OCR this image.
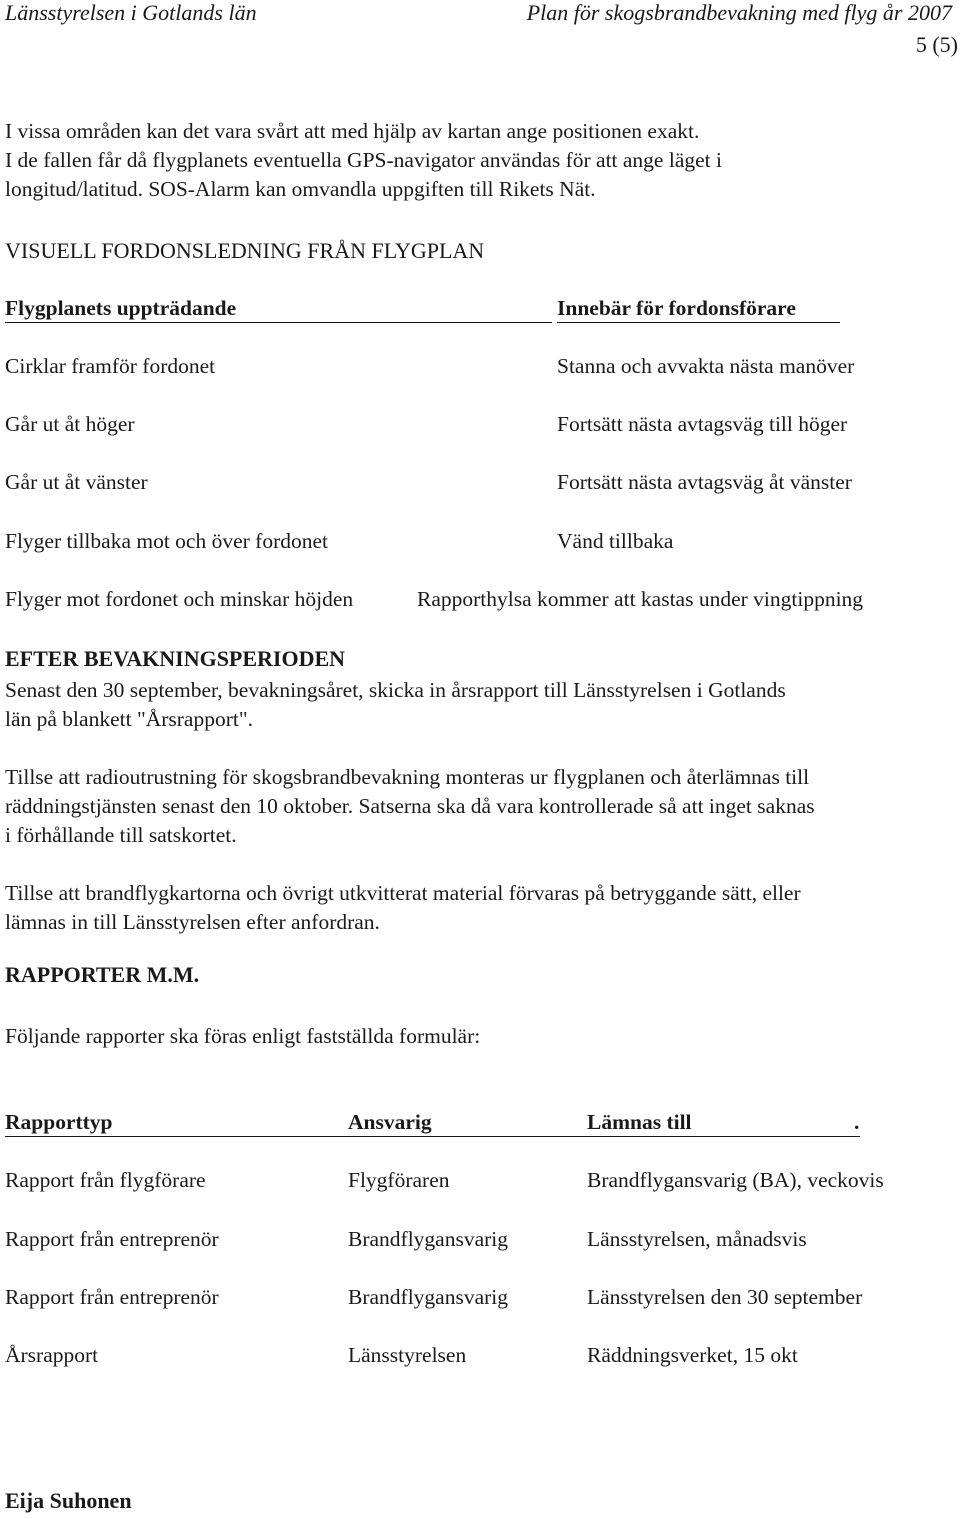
Länsstyrelsen i Gotlands län	Plan för skogsbrandbevakning med flyg år 2007
5 (5)
I vissa områden kan det vara svårt att med hjälp av kartan ange positionen exakt.
I de fallen får då flygplanets eventuella GPS-navigator användas för att ange läget i
longitud/latitud. SOS-Alarm kan omvandla uppgiften till Rikets Nät.
VISUELL FORDONSLEDNING FRÅN FLYGPLAN
Flygplanets uppträdande	Innebär för fordonsförare
Cirklar framför fordonet	Stanna och avvakta nästa manöver
Går ut åt höger	Fortsätt nästa avtagsväg till höger
Går ut åt vänster	Fortsätt nästa avtagsväg åt vänster
Flyger tillbaka mot och över fordonet	Vänd tillbaka
Flyger mot fordonet och minskar höjden	Rapporthylsa kommer att kastas under vingtippning
EFTER BEVAKNINGSPERIODEN
Senast den 30 september, bevakningsåret, skicka in årsrapport till Länsstyrelsen i Gotlands
län på blankett "Årsrapport".
Tillse att radioutrustning för skogsbrandbevakning monteras ur flygplanen och återlämnas till
räddningstjänsten senast den 10 oktober. Satserna ska då vara kontrollerade så att inget saknas
i förhållande till satskortet.
Tillse att brandflygkartorna och övrigt utkvitterat material förvaras på betryggande sätt, eller
lämnas in till Länsstyrelsen efter anfordran.
RAPPORTER M.M.
Följande rapporter ska föras enligt fastställda formulär:
Rapporttyp	Ansvarig	Lämnas till	.
Rapport från flygförare	Flygföraren	Brandflygansvarig (BA), veckovis
Rapport från entreprenör	Brandflygansvarig	Länsstyrelsen, månadsvis
Rapport från entreprenör	Brandflygansvarig	Länsstyrelsen den 30 september
Årsrapport	Länsstyrelsen	Räddningsverket, 15 okt
Eija Suhonen
